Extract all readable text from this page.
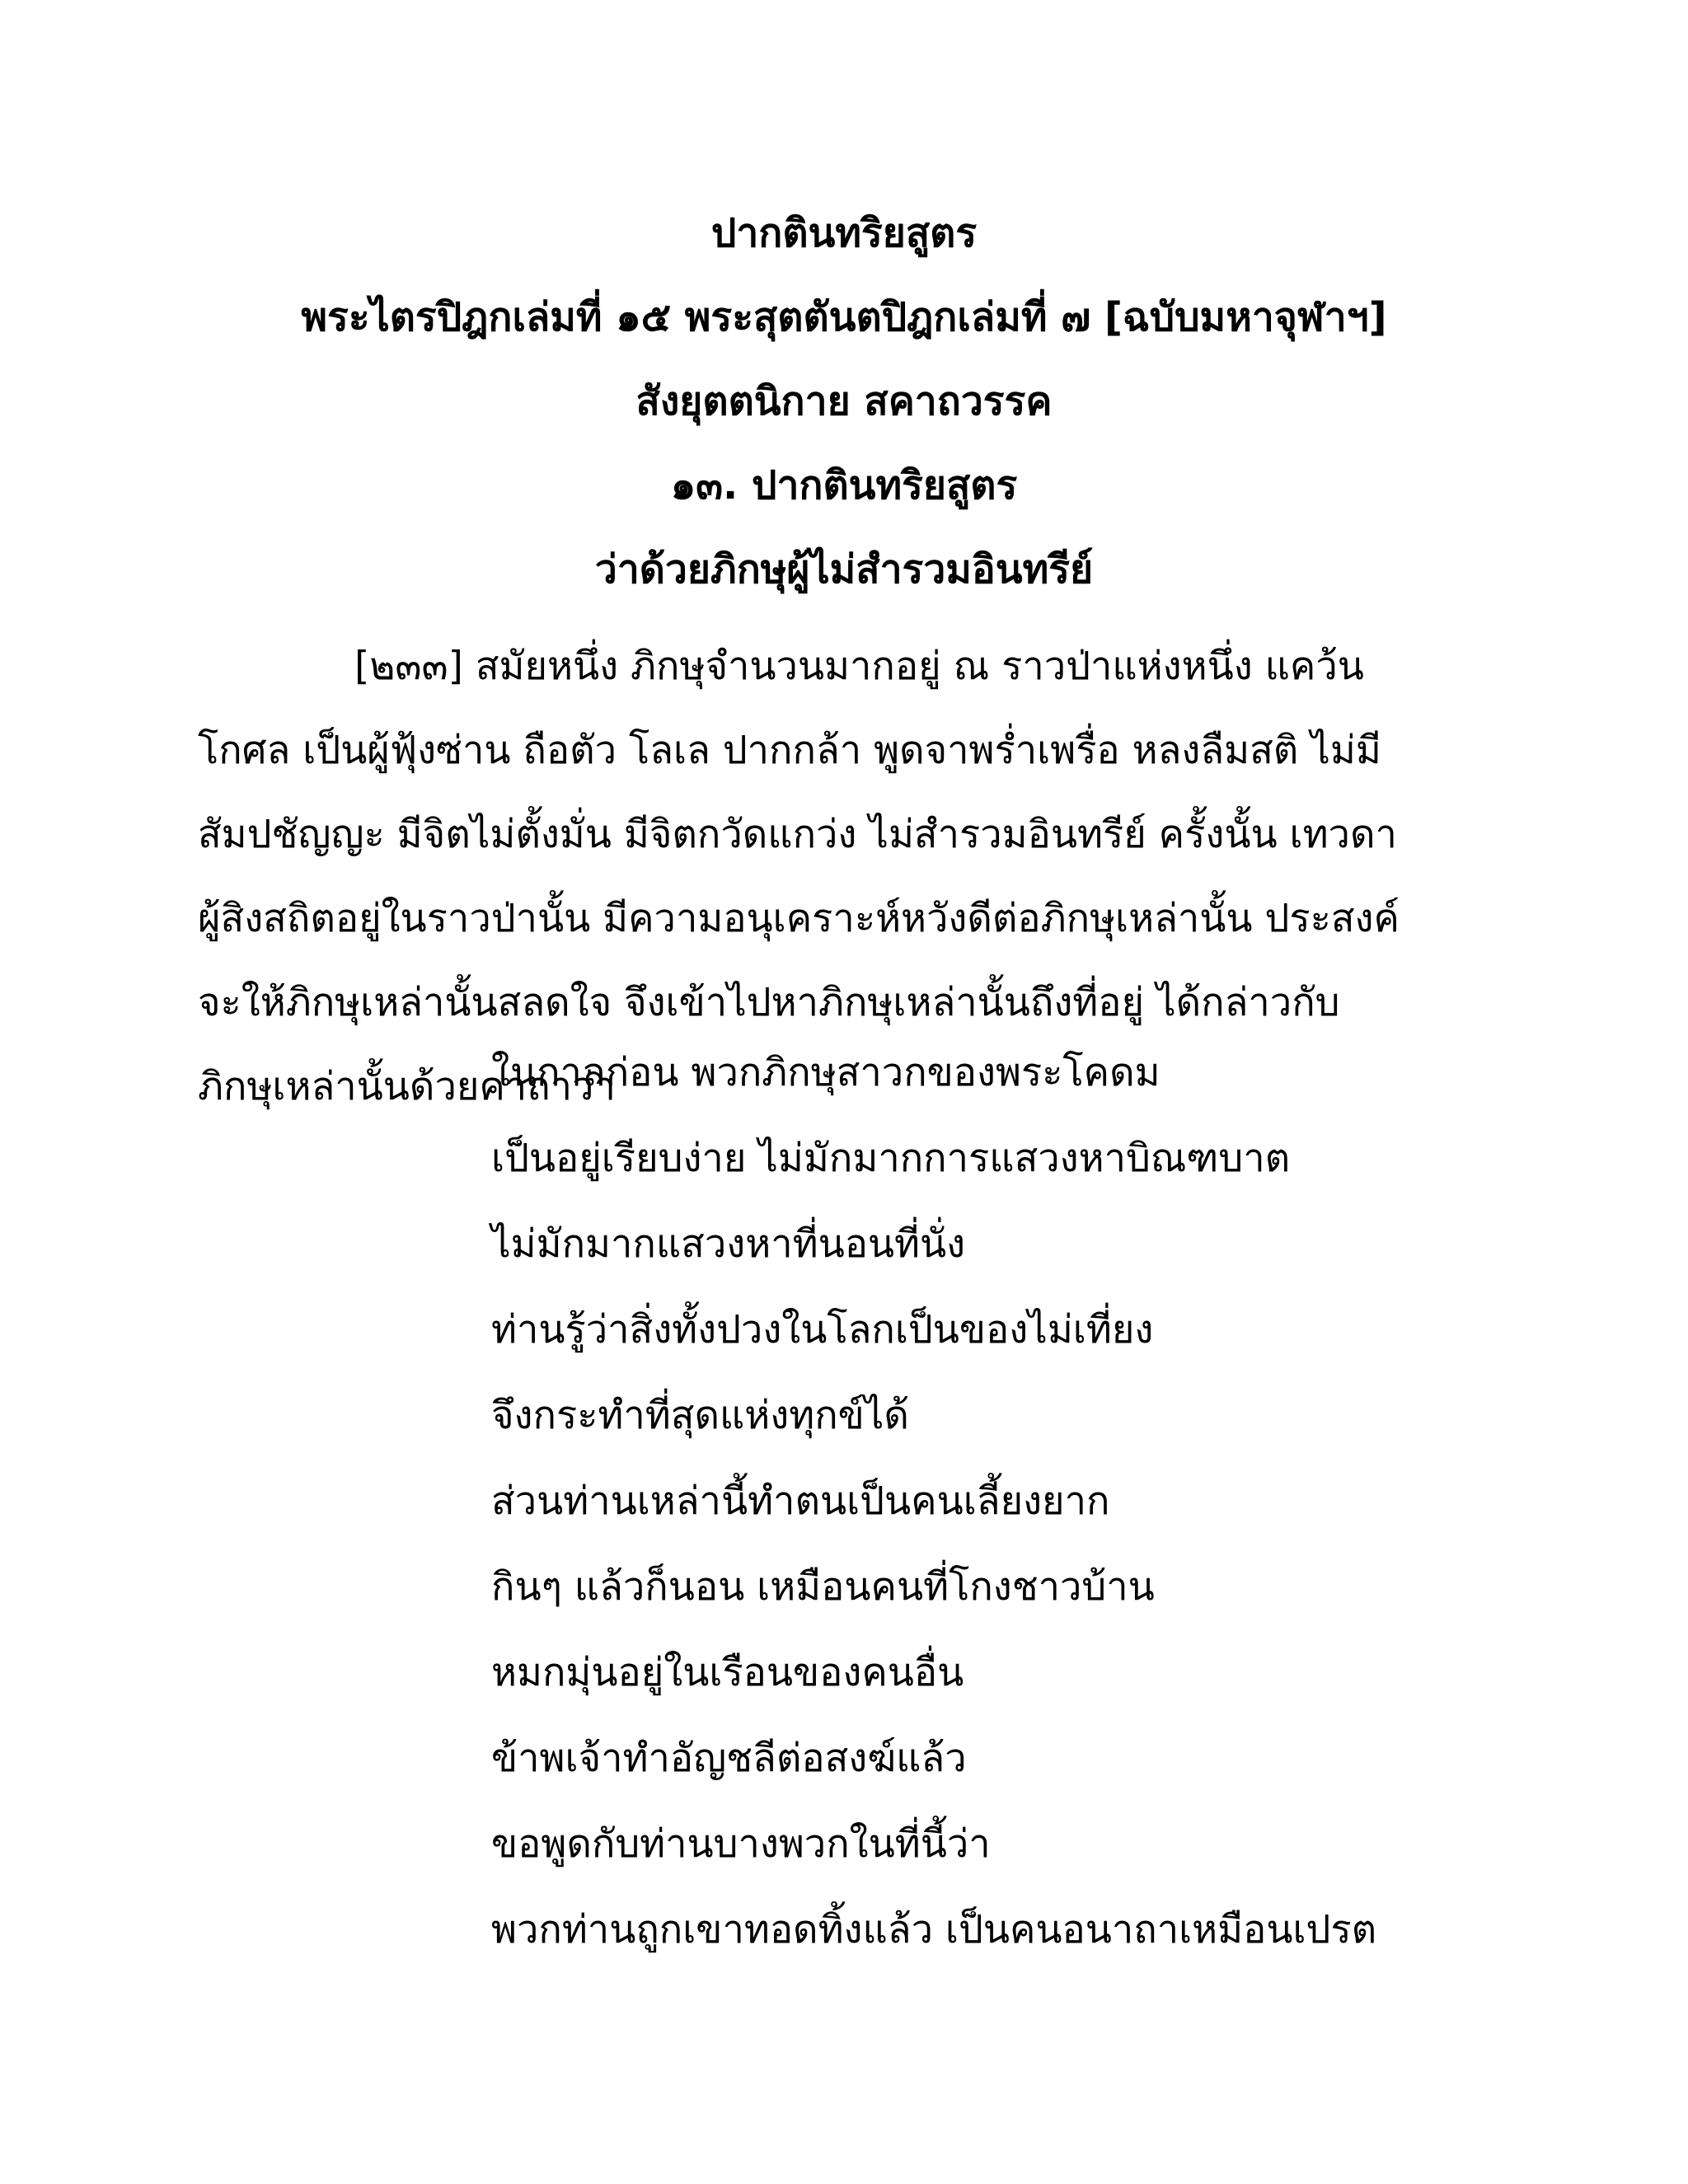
ปากตินทริยสูตร
พระไตรปิฎกเล่มที่ ๑๕ พระสุตตันตปิฎกเล่มที่ ๗ [ฉบับมหาจุฬาฯ]
สังยุตตนิกาย สคาถวรรค
๑๓. ปากตินทริยสูตร
ว่าด้วยภิกษุผู้ไม่สำรวมอินทรีย์

[๒๓๓] สมัยหนึ่ง ภิกษุจำนวนมากอยู่ ณ ราวป่าแห่งหนึ่ง แคว้น
โกศล เป็นผู้ฟุ้งซ่าน ถือตัว โลเล ปากกล้า พูดจาพร่ำเพรื่อ หลงลืมสติ ไม่มี
สัมปชัญญะ มีจิตไม่ตั้งมั่น มีจิตกวัดแกว่ง ไม่สำรวมอินทรีย์ ครั้งนั้น เทวดา
ผู้สิงสถิตอยู่ในราวป่านั้น มีความอนุเคราะห์หวังดีต่อภิกษุเหล่านั้น ประสงค์
จะให้ภิกษุเหล่านั้นสลดใจ จึงเข้าไปหาภิกษุเหล่านั้นถึงที่อยู่ ได้กล่าวกับ
ภิกษุเหล่านั้นด้วยคาถาว่า

ในกาลก่อน พวกภิกษุสาวกของพระโคดม
เป็นอยู่เรียบง่าย ไม่มักมากการแสวงหาบิณฑบาต
ไม่มักมากแสวงหาที่นอนที่นั่ง
ท่านรู้ว่าสิ่งทั้งปวงในโลกเป็นของไม่เที่ยง
จึงกระทำที่สุดแห่งทุกข์ได้
ส่วนท่านเหล่านี้ทำตนเป็นคนเลี้ยงยาก
กินๆ แล้วก็นอน เหมือนคนที่โกงชาวบ้าน
หมกมุ่นอยู่ในเรือนของคนอื่น
ข้าพเจ้าทำอัญชลีต่อสงฆ์แล้ว
ขอพูดกับท่านบางพวกในที่นี้ว่า
พวกท่านถูกเขาทอดทิ้งแล้ว เป็นคนอนาถาเหมือนเปรต
